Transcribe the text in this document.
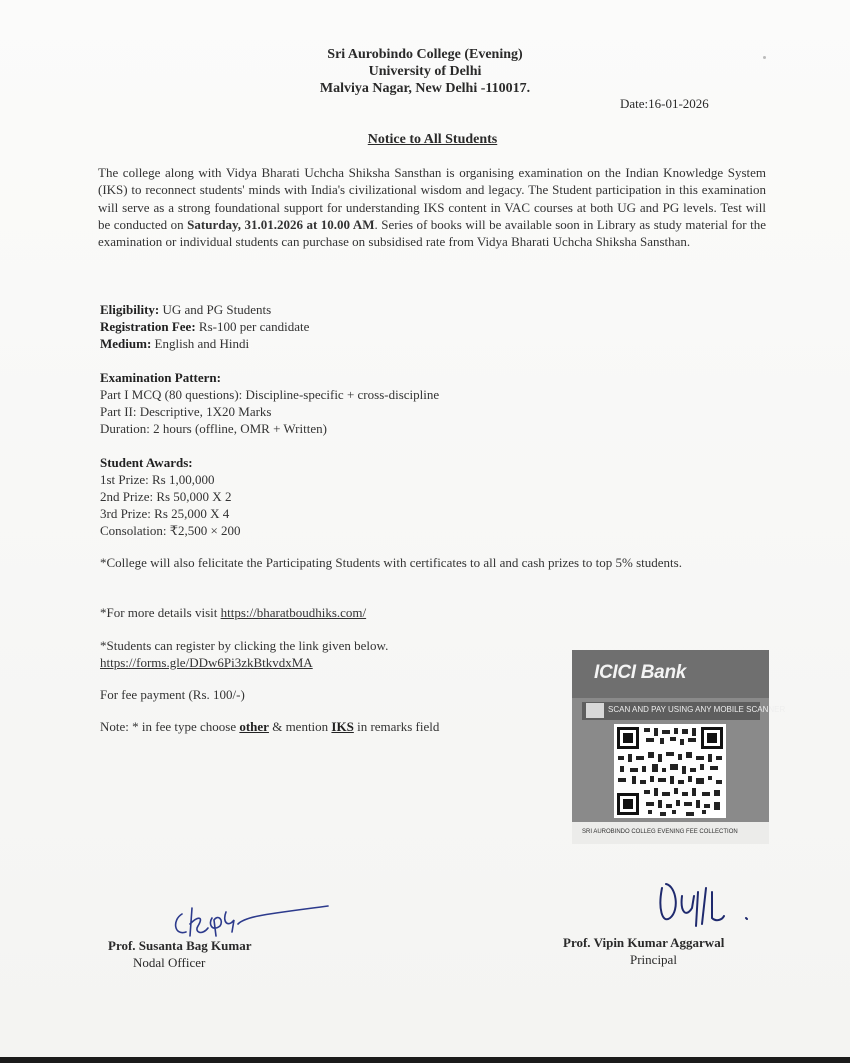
Sri Aurobindo College (Evening)
University of Delhi
Malviya Nagar, New Delhi -110017.
Date:16-01-2026
Notice to All Students
The college along with Vidya Bharati Uchcha Shiksha Sansthan is organising examination on the Indian Knowledge System (IKS) to reconnect students' minds with India's civilizational wisdom and legacy. The Student participation in this examination will serve as a strong foundational support for understanding IKS content in VAC courses at both UG and PG levels. Test will be conducted on Saturday, 31.01.2026 at 10.00 AM. Series of books will be available soon in Library as study material for the examination or individual students can purchase on subsidised rate from Vidya Bharati Uchcha Shiksha Sansthan.
Eligibility: UG and PG Students
Registration Fee: Rs-100 per candidate
Medium: English and Hindi
Examination Pattern:
Part I MCQ (80 questions): Discipline-specific + cross-discipline
Part II: Descriptive, 1X20 Marks
Duration: 2 hours (offline, OMR + Written)
Student Awards:
1st Prize: Rs 1,00,000
2nd Prize: Rs 50,000 X 2
3rd Prize: Rs 25,000 X 4
Consolation: ₹2,500 × 200
*College will also felicitate the Participating Students with certificates to all and cash prizes to top 5% students.
*For more details visit https://bharatboudhiks.com/
*Students can register by clicking the link given below.
https://forms.gle/DDw6Pi3zkBtkvdxMA
For fee payment (Rs. 100/-)
Note: * in fee type choose other & mention IKS in remarks field
ICICI Bank
SCAN AND PAY USING ANY MOBILE SCANNER
SRI AUROBINDO COLLEG EVENING FEE COLLECTION
Prof. Susanta Bag Kumar
Nodal Officer
Prof. Vipin Kumar Aggarwal
Principal
